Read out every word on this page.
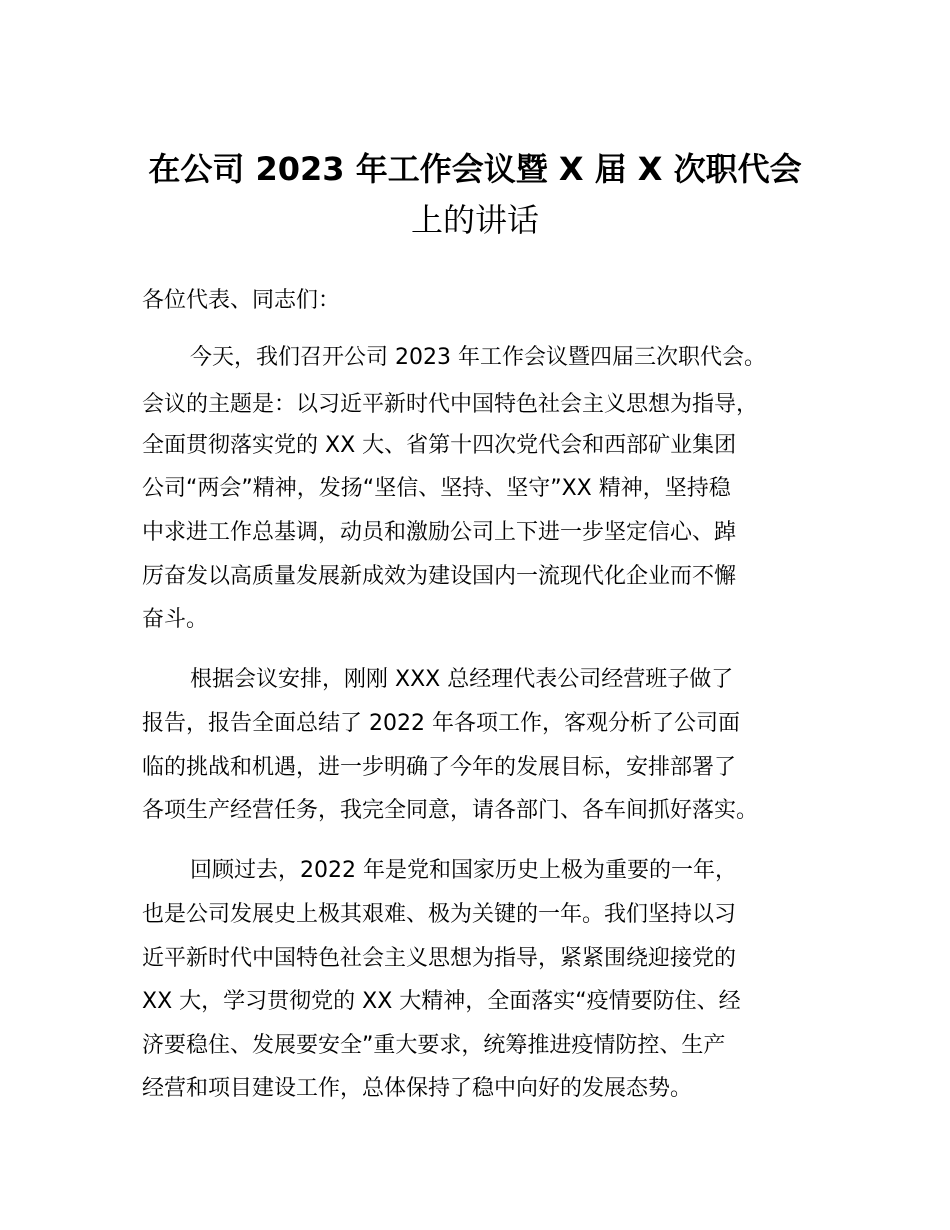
在公司 2023 年工作会议暨 X 届 X 次职代会
上的讲话

各位代表、同志们：

今天，我们召开公司 2023 年工作会议暨四届三次职代会。

会议的主题是：以习近平新时代中国特色社会主义思想为指导，

全面贯彻落实党的 XX 大、省第十四次党代会和西部矿业集团

公司“两会”精神，发扬“坚信、坚持、坚守”XX 精神，坚持稳

中求进工作总基调，动员和激励公司上下进一步坚定信心、踔

厉奋发以高质量发展新成效为建设国内一流现代化企业而不懈

奋斗。

根据会议安排，刚刚 XXX 总经理代表公司经营班子做了

报告，报告全面总结了 2022 年各项工作，客观分析了公司面

临的挑战和机遇，进一步明确了今年的发展目标，安排部署了

各项生产经营任务，我完全同意，请各部门、各车间抓好落实。

回顾过去，2022 年是党和国家历史上极为重要的一年，

也是公司发展史上极其艰难、极为关键的一年。我们坚持以习

近平新时代中国特色社会主义思想为指导，紧紧围绕迎接党的

XX 大，学习贯彻党的 XX 大精神，全面落实“疫情要防住、经

济要稳住、发展要安全”重大要求，统筹推进疫情防控、生产

经营和项目建设工作，总体保持了稳中向好的发展态势。
